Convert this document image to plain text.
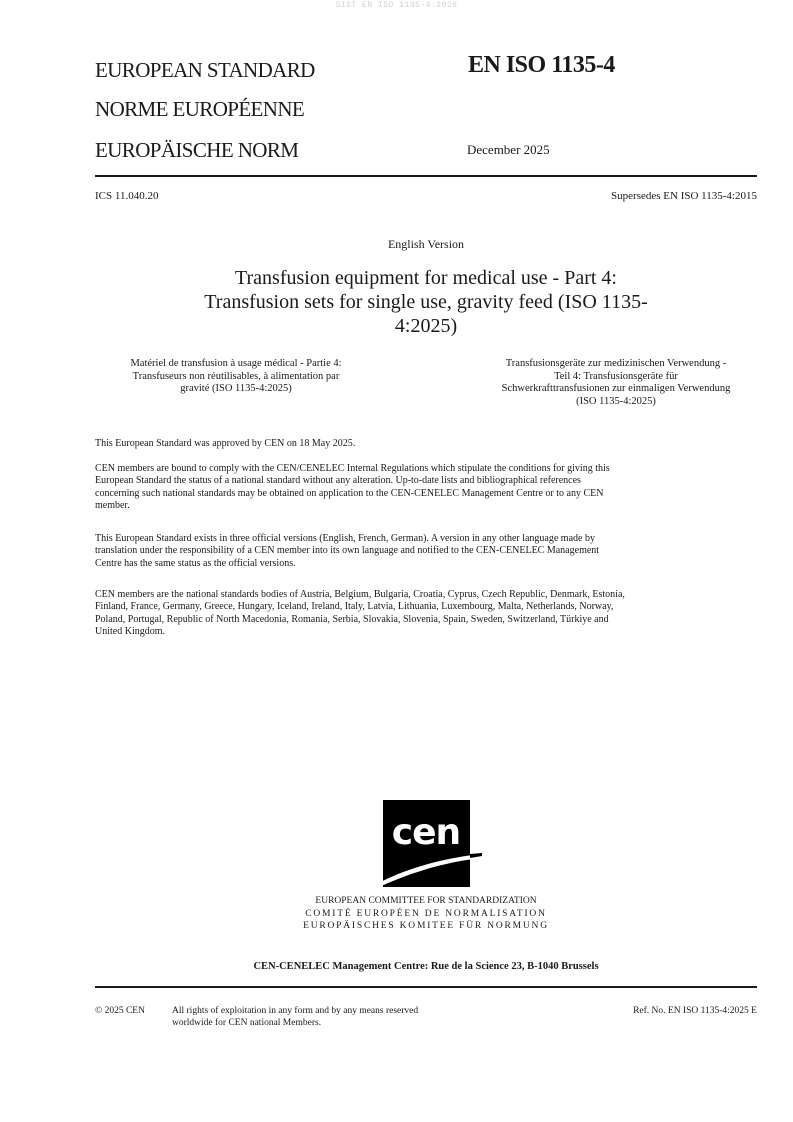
SIST EN ISO 1135-4:2026
EUROPEAN STANDARD
NORME EUROPÉENNE
EUROPÄISCHE NORM
EN ISO 1135-4
December 2025
ICS 11.040.20	Supersedes EN ISO 1135-4:2015
English Version
Transfusion equipment for medical use - Part 4:
Transfusion sets for single use, gravity feed (ISO 1135-
4:2025)
Matériel de transfusion à usage médical - Partie 4:
Transfuseurs non réutilisables, à alimentation par
gravité (ISO 1135-4:2025)
Transfusionsgeräte zur medizinischen Verwendung -
Teil 4: Transfusionsgeräte für
Schwerkrafttransfusionen zur einmaligen Verwendung
(ISO 1135-4:2025)
This European Standard was approved by CEN on 18 May 2025.
CEN members are bound to comply with the CEN/CENELEC Internal Regulations which stipulate the conditions for giving this
European Standard the status of a national standard without any alteration. Up-to-date lists and bibliographical references
concerning such national standards may be obtained on application to the CEN-CENELEC Management Centre or to any CEN
member.
This European Standard exists in three official versions (English, French, German). A version in any other language made by
translation under the responsibility of a CEN member into its own language and notified to the CEN-CENELEC Management
Centre has the same status as the official versions.
CEN members are the national standards bodies of Austria, Belgium, Bulgaria, Croatia, Cyprus, Czech Republic, Denmark, Estonia,
Finland, France, Germany, Greece, Hungary, Iceland, Ireland, Italy, Latvia, Lithuania, Luxembourg, Malta, Netherlands, Norway,
Poland, Portugal, Republic of North Macedonia, Romania, Serbia, Slovakia, Slovenia, Spain, Sweden, Switzerland, Türkiye and
United Kingdom.
cen
EUROPEAN COMMITTEE FOR STANDARDIZATION
COMITÉ EUROPÉEN DE NORMALISATION
EUROPÄISCHES KOMITEE FÜR NORMUNG
CEN-CENELEC Management Centre: Rue de la Science 23, B-1040 Brussels
© 2025 CEN	All rights of exploitation in any form and by any means reserved
worldwide for CEN national Members.
Ref. No. EN ISO 1135-4:2025 E
